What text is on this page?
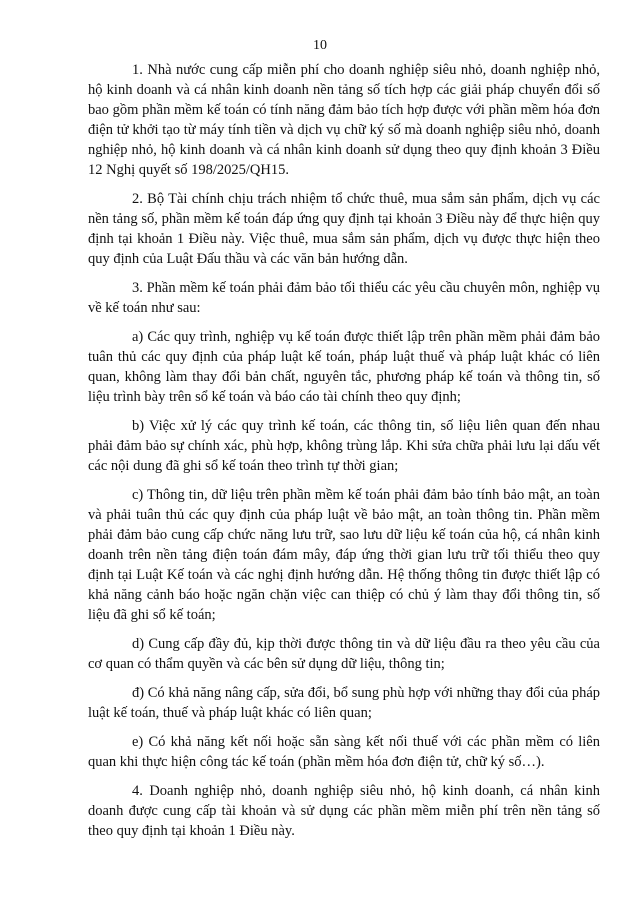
10

1. Nhà nước cung cấp miễn phí cho doanh nghiệp siêu nhỏ, doanh nghiệp nhỏ, hộ kinh doanh và cá nhân kinh doanh nền tảng số tích hợp các giải pháp chuyển đổi số bao gồm phần mềm kế toán có tính năng đảm bảo tích hợp được với phần mềm hóa đơn điện tử khởi tạo từ máy tính tiền và dịch vụ chữ ký số mà doanh nghiệp siêu nhỏ, doanh nghiệp nhỏ, hộ kinh doanh và cá nhân kinh doanh sử dụng theo quy định khoản 3 Điều 12 Nghị quyết số 198/2025/QH15.

2. Bộ Tài chính chịu trách nhiệm tổ chức thuê, mua sắm sản phẩm, dịch vụ các nền tảng số, phần mềm kế toán đáp ứng quy định tại khoản 3 Điều này để thực hiện quy định tại khoản 1 Điều này. Việc thuê, mua sắm sản phẩm, dịch vụ được thực hiện theo quy định của Luật Đấu thầu và các văn bản hướng dẫn.

3. Phần mềm kế toán phải đảm bảo tối thiểu các yêu cầu chuyên môn, nghiệp vụ về kế toán như sau:

a) Các quy trình, nghiệp vụ kế toán được thiết lập trên phần mềm phải đảm bảo tuân thủ các quy định của pháp luật kế toán, pháp luật thuế và pháp luật khác có liên quan, không làm thay đổi bản chất, nguyên tắc, phương pháp kế toán và thông tin, số liệu trình bày trên sổ kế toán và báo cáo tài chính theo quy định;

b) Việc xử lý các quy trình kế toán, các thông tin, số liệu liên quan đến nhau phải đảm bảo sự chính xác, phù hợp, không trùng lắp. Khi sửa chữa phải lưu lại dấu vết các nội dung đã ghi sổ kế toán theo trình tự thời gian;

c) Thông tin, dữ liệu trên phần mềm kế toán phải đảm bảo tính bảo mật, an toàn và phải tuân thủ các quy định của pháp luật về bảo mật, an toàn thông tin. Phần mềm phải đảm bảo cung cấp chức năng lưu trữ, sao lưu dữ liệu kế toán của hộ, cá nhân kinh doanh trên nền tảng điện toán đám mây, đáp ứng thời gian lưu trữ tối thiểu theo quy định tại Luật Kế toán và các nghị định hướng dẫn. Hệ thống thông tin được thiết lập có khả năng cảnh báo hoặc ngăn chặn việc can thiệp có chủ ý làm thay đổi thông tin, số liệu đã ghi sổ kế toán;

d) Cung cấp đầy đủ, kịp thời được thông tin và dữ liệu đầu ra theo yêu cầu của cơ quan có thẩm quyền và các bên sử dụng dữ liệu, thông tin;

đ) Có khả năng nâng cấp, sửa đổi, bổ sung phù hợp với những thay đổi của pháp luật kế toán, thuế và pháp luật khác có liên quan;

e) Có khả năng kết nối hoặc sẵn sàng kết nối thuế với các phần mềm có liên quan khi thực hiện công tác kế toán (phần mềm hóa đơn điện tử, chữ ký số…).

4. Doanh nghiệp nhỏ, doanh nghiệp siêu nhỏ, hộ kinh doanh, cá nhân kinh doanh được cung cấp tài khoản và sử dụng các phần mềm miễn phí trên nền tảng số theo quy định tại khoản 1 Điều này.
